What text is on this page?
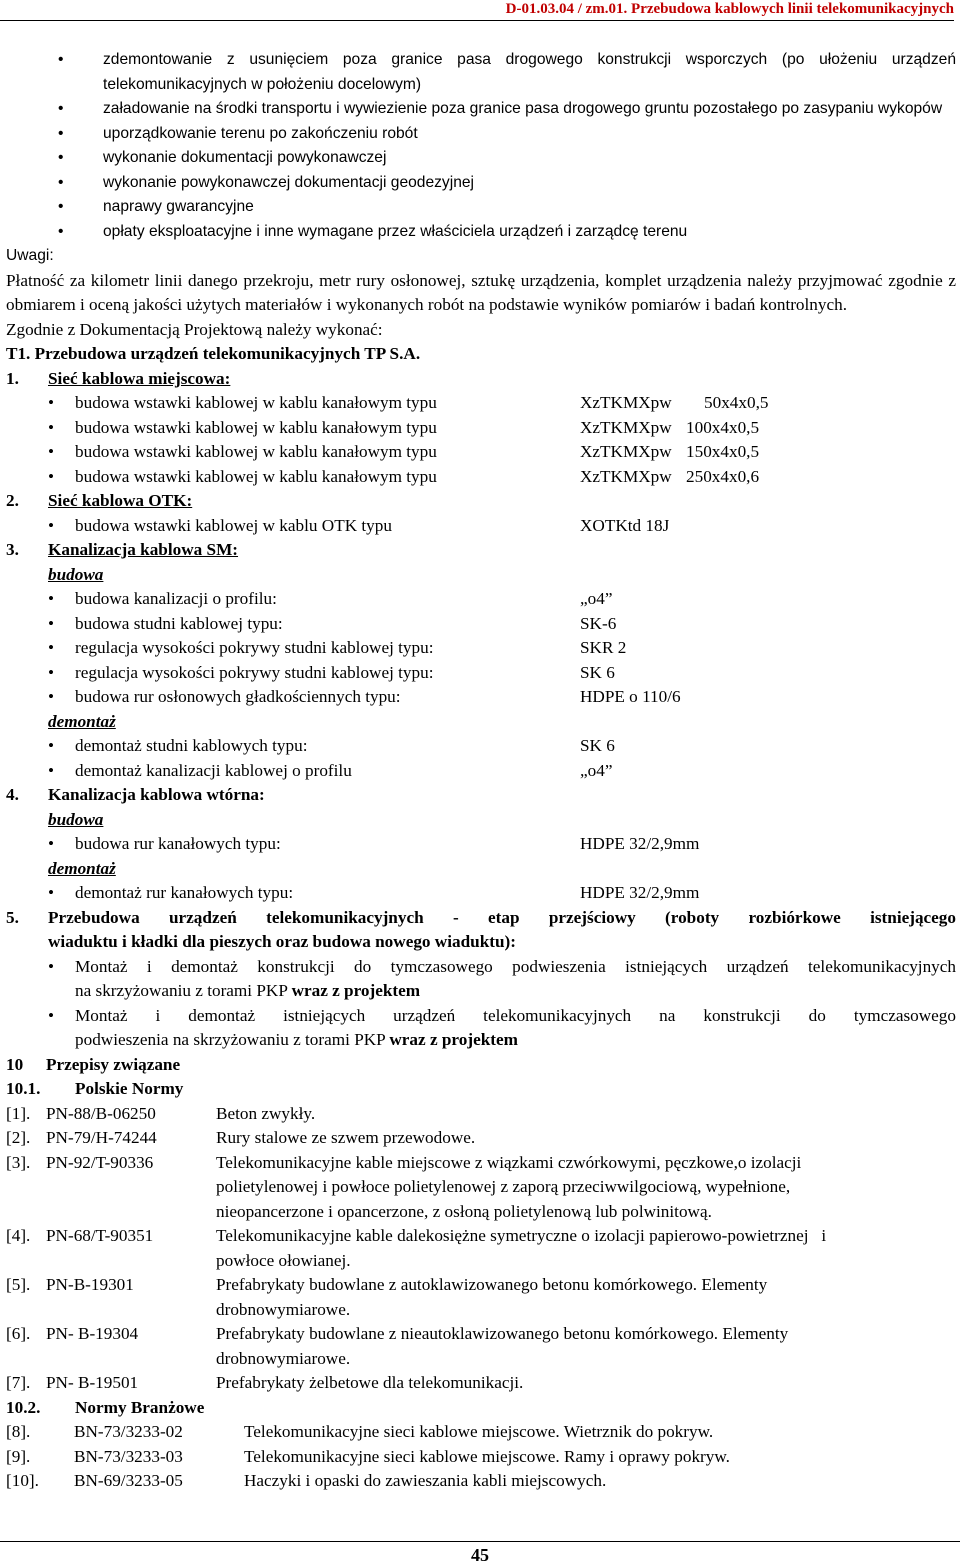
D-01.03.04 / zm.01. Przebudowa kablowych linii telekomunikacyjnych
• zdemontowanie z usunięciem poza granice pasa drogowego konstrukcji wsporczych (po ułożeniu urządzeń telekomunikacyjnych w położeniu docelowym)
• załadowanie na środki transportu i wywiezienie poza granice pasa drogowego gruntu pozostałego po zasypaniu wykopów
• uporządkowanie terenu po zakończeniu robót
• wykonanie dokumentacji powykonawczej
• wykonanie powykonawczej dokumentacji geodezyjnej
• naprawy gwarancyjne
• opłaty eksploatacyjne i inne wymagane przez właściciela urządzeń i zarządcę terenu
Uwagi:
Płatność za kilometr linii danego przekroju, metr rury osłonowej, sztukę urządzenia, komplet urządzenia należy przyjmować zgodnie z obmiarem i oceną jakości użytych materiałów i wykonanych robót na podstawie wyników pomiarów i badań kontrolnych.
Zgodnie z Dokumentacją Projektową należy wykonać:
T1. Przebudowa urządzeń telekomunikacyjnych TP S.A.
1.	Sieć kablowa miejscowa:
• budowa wstawki kablowej w kablu kanałowym typu	XzTKMXpw 50x4x0,5
• budowa wstawki kablowej w kablu kanałowym typu	XzTKMXpw 100x4x0,5
• budowa wstawki kablowej w kablu kanałowym typu	XzTKMXpw 150x4x0,5
• budowa wstawki kablowej w kablu kanałowym typu	XzTKMXpw 250x4x0,6
2.	Sieć kablowa OTK:
• budowa wstawki kablowej w kablu OTK typu	XOTKtd 18J
3.	Kanalizacja kablowa SM:
budowa
• budowa kanalizacji o profilu:	„o4”
• budowa studni kablowej typu:	SK-6
• regulacja wysokości pokrywy studni kablowej typu:	SKR 2
• regulacja wysokości pokrywy studni kablowej typu:	SK 6
• budowa rur osłonowych gładkościennych typu:	HDPE o 110/6
demontaż
• demontaż studni kablowych typu:	SK 6
• demontaż kanalizacji kablowej o profilu	„o4”
4.	Kanalizacja kablowa wtórna:
budowa
• budowa rur kanałowych typu:	HDPE 32/2,9mm
demontaż
• demontaż rur kanałowych typu:	HDPE 32/2,9mm
5.	Przebudowa urządzeń telekomunikacyjnych - etap przejściowy (roboty rozbiórkowe istniejącego
wiaduktu i kładki dla pieszych oraz budowa nowego wiaduktu):
• Montaż i demontaż konstrukcji do tymczasowego podwieszenia istniejących urządzeń telekomunikacyjnych
na skrzyżowaniu z torami PKP wraz z projektem
• Montaż i demontaż istniejących urządzeń telekomunikacyjnych na konstrukcji do tymczasowego
podwieszenia na skrzyżowaniu z torami PKP wraz z projektem
10	Przepisy związane
10.1.	Polskie Normy
[1]. PN-88/B-06250	Beton zwykły.
[2]. PN-79/H-74244	Rury stalowe ze szwem przewodowe.
[3]. PN-92/T-90336	Telekomunikacyjne kable miejscowe z wiązkami czwórkowymi, pęczkowe,o izolacji
polietylenowej i powłoce polietylenowej z zaporą przeciwwilgociową, wypełnione,
nieopancerzone i opancerzone, z osłoną polietylenową lub polwinitową.
[4]. PN-68/T-90351	Telekomunikacyjne kable dalekosiężne symetryczne o izolacji papierowo-powietrznej   i
powłoce ołowianej.
[5]. PN-B-19301	Prefabrykaty budowlane z autoklawizowanego betonu komórkowego. Elementy
drobnowymiarowe.
[6]. PN- B-19304	Prefabrykaty budowlane z nieautoklawizowanego betonu komórkowego. Elementy
drobnowymiarowe.
[7]. PN- B-19501	Prefabrykaty żelbetowe dla telekomunikacji.
10.2.	Normy Branżowe
[8].	BN-73/3233-02	Telekomunikacyjne sieci kablowe miejscowe. Wietrznik do pokryw.
[9].	BN-73/3233-03	Telekomunikacyjne sieci kablowe miejscowe. Ramy i oprawy pokryw.
[10].	BN-69/3233-05	Haczyki i opaski do zawieszania kabli miejscowych.
45
